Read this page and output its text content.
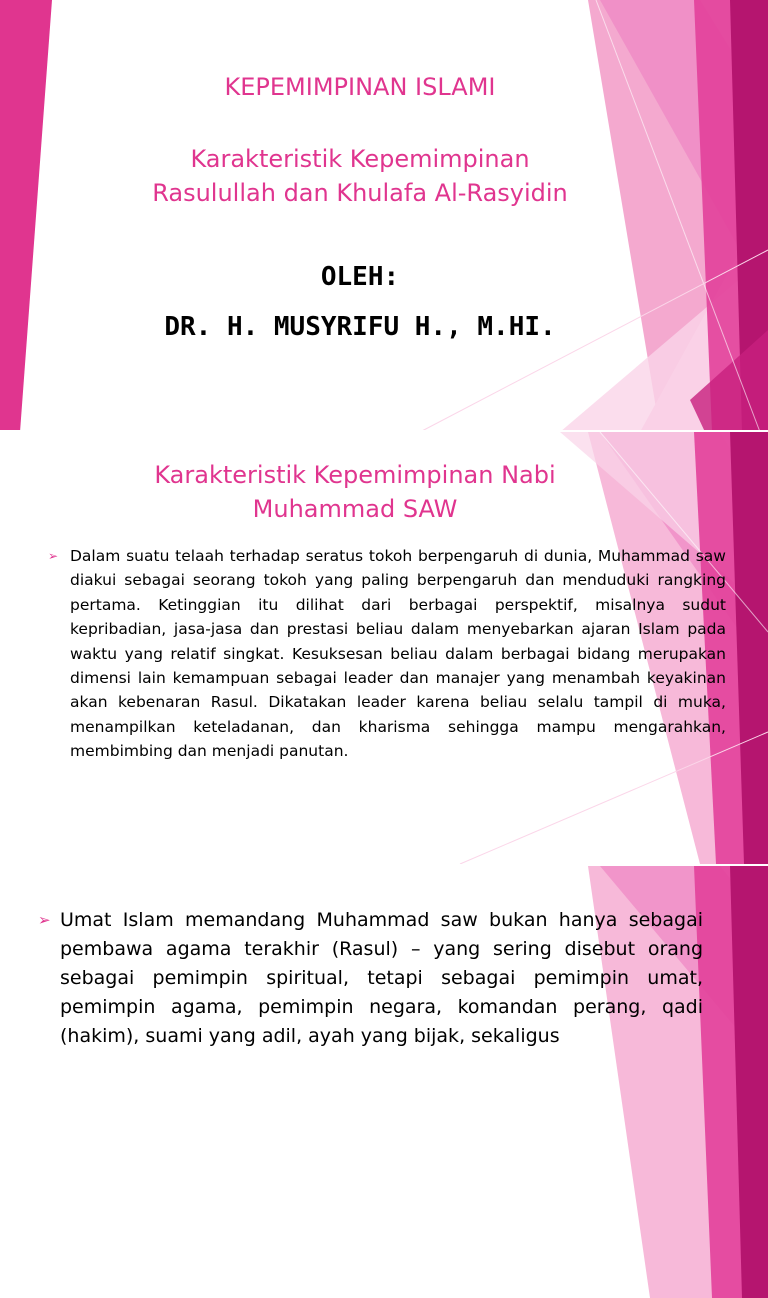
KEPEMIMPINAN ISLAMI
Karakteristik Kepemimpinan
Rasulullah dan Khulafa Al-Rasyidin
OLEH:
DR. H. MUSYRIFU H., M.HI.
Karakteristik Kepemimpinan Nabi
Muhammad SAW
➢ Dalam suatu telaah terhadap seratus tokoh berpengaruh di dunia, Muhammad saw diakui sebagai seorang tokoh yang paling berpengaruh dan menduduki rangking pertama. Ketinggian itu dilihat dari berbagai perspektif, misalnya sudut kepribadian, jasa-jasa dan prestasi beliau dalam menyebarkan ajaran Islam pada waktu yang relatif singkat. Kesuksesan beliau dalam berbagai bidang merupakan dimensi lain kemampuan sebagai leader dan manajer yang menambah keyakinan akan kebenaran Rasul. Dikatakan leader karena beliau selalu tampil di muka, menampilkan keteladanan, dan kharisma sehingga mampu mengarahkan, membimbing dan menjadi panutan.
➢ Umat Islam memandang Muhammad saw bukan hanya sebagai pembawa agama terakhir (Rasul) – yang sering disebut orang sebagai pemimpin spiritual, tetapi sebagai pemimpin umat, pemimpin agama, pemimpin negara, komandan perang, qadi (hakim), suami yang adil, ayah yang bijak, sekaligus
